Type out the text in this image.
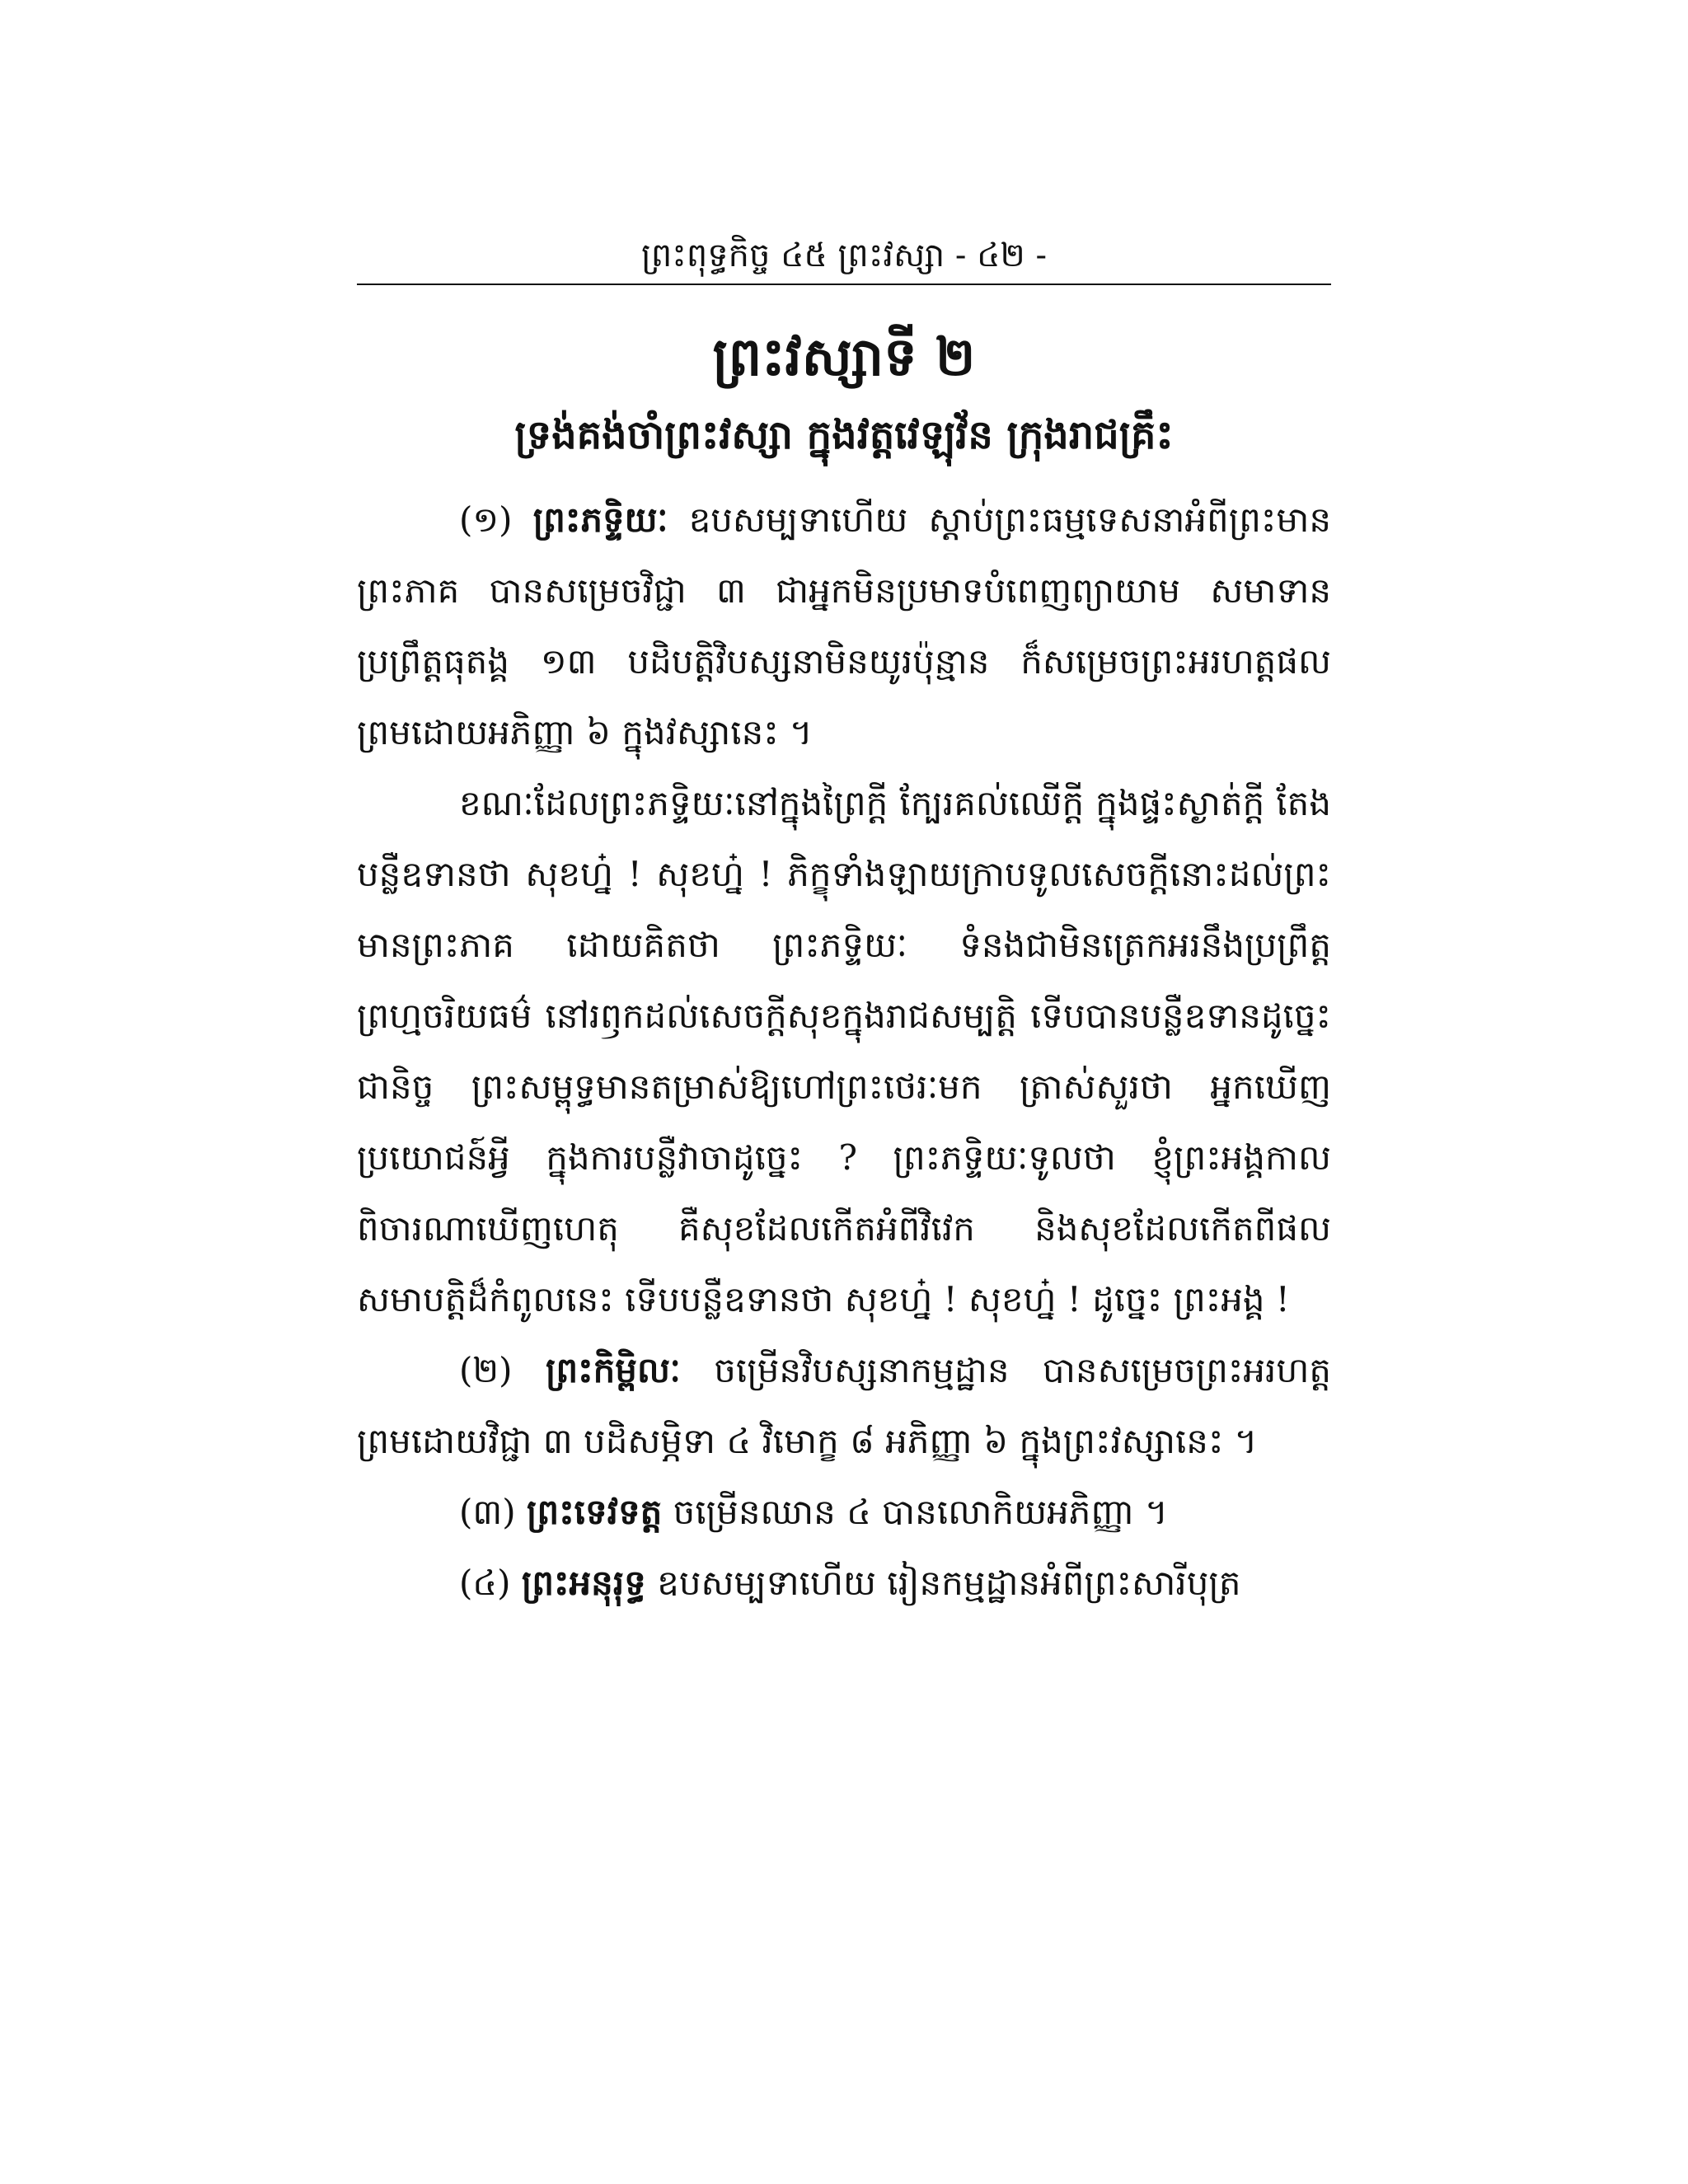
ព្រះពុទ្ធកិច្ច ៤៥ ព្រះវស្សា - ៤២ -
ព្រះវស្សាទី ២
ទ្រង់គង់ចាំព្រះវស្សា ក្នុងវត្តវេឡុវ័ន ក្រុងរាជគ្រឹះ

(១) ព្រះភទ្ទិយៈ ឧបសម្បទាហើយ ស្តាប់ព្រះធម្មទេសនាអំពីព្រះមានព្រះភាគ បានសម្រេចវិជ្ជា ៣ ជាអ្នកមិនប្រមាទបំពេញព្យាយាម សមាទានប្រព្រឹត្តធុតង្គ ១៣ បដិបត្តិវិបស្សនាមិនយូរប៉ុន្មាន ក៏សម្រេចព្រះអរហត្តផលព្រមដោយអភិញ្ញា ៦ ក្នុងវស្សានេះ ។

ខណៈដែលព្រះភទ្ទិយៈនៅក្នុងព្រៃក្តី ក្បែរគល់ឈើក្តី ក្នុងផ្ទះស្ងាត់ក្តី តែងបន្លឺឧទានថា សុខហ្ន៎ ! សុខហ្ន៎ ! ភិក្ខុទាំងឡាយក្រាបទូលសេចក្តីនោះដល់ព្រះមានព្រះភាគ ដោយគិតថា ព្រះភទ្ទិយៈ ទំនងជាមិនត្រេកអរនឹងប្រព្រឹត្តព្រហ្មចរិយធម៌ នៅរឭកដល់សេចក្តីសុខក្នុងរាជសម្បត្តិ ទើបបានបន្លឺឧទានដូច្នេះជានិច្ច ព្រះសម្ពុទ្ធមានតម្រាស់ឱ្យហៅព្រះថេរៈមក ត្រាស់សួរថា អ្នកឃើញប្រយោជន៍អ្វី ក្នុងការបន្លឺវាចាដូច្នេះ ? ព្រះភទ្ទិយៈទូលថា ខ្ញុំព្រះអង្គកាលពិចារណាឃើញហេតុ គឺសុខដែលកើតអំពីវិវេក និងសុខដែលកើតពីផលសមាបត្តិដ៏កំពូលនេះ ទើបបន្លឺឧទានថា សុខហ្ន៎ ! សុខហ្ន៎ ! ដូច្នេះ ព្រះអង្គ !

(២) ព្រះកិម្ពិលៈ ចម្រើនវិបស្សនាកម្មដ្ឋាន បានសម្រេចព្រះអរហត្តព្រមដោយវិជ្ជា ៣ បដិសម្ភិទា ៤ វិមោក្ខ ៨ អភិញ្ញា ៦ ក្នុងព្រះវស្សានេះ ។

(៣) ព្រះទេវទត្ត ចម្រើនឈាន ៤ បានលោកិយអភិញ្ញា ។

(៤) ព្រះអនុរុទ្ធ ឧបសម្បទាហើយ រៀនកម្មដ្ឋានអំពីព្រះសារីបុត្រ
